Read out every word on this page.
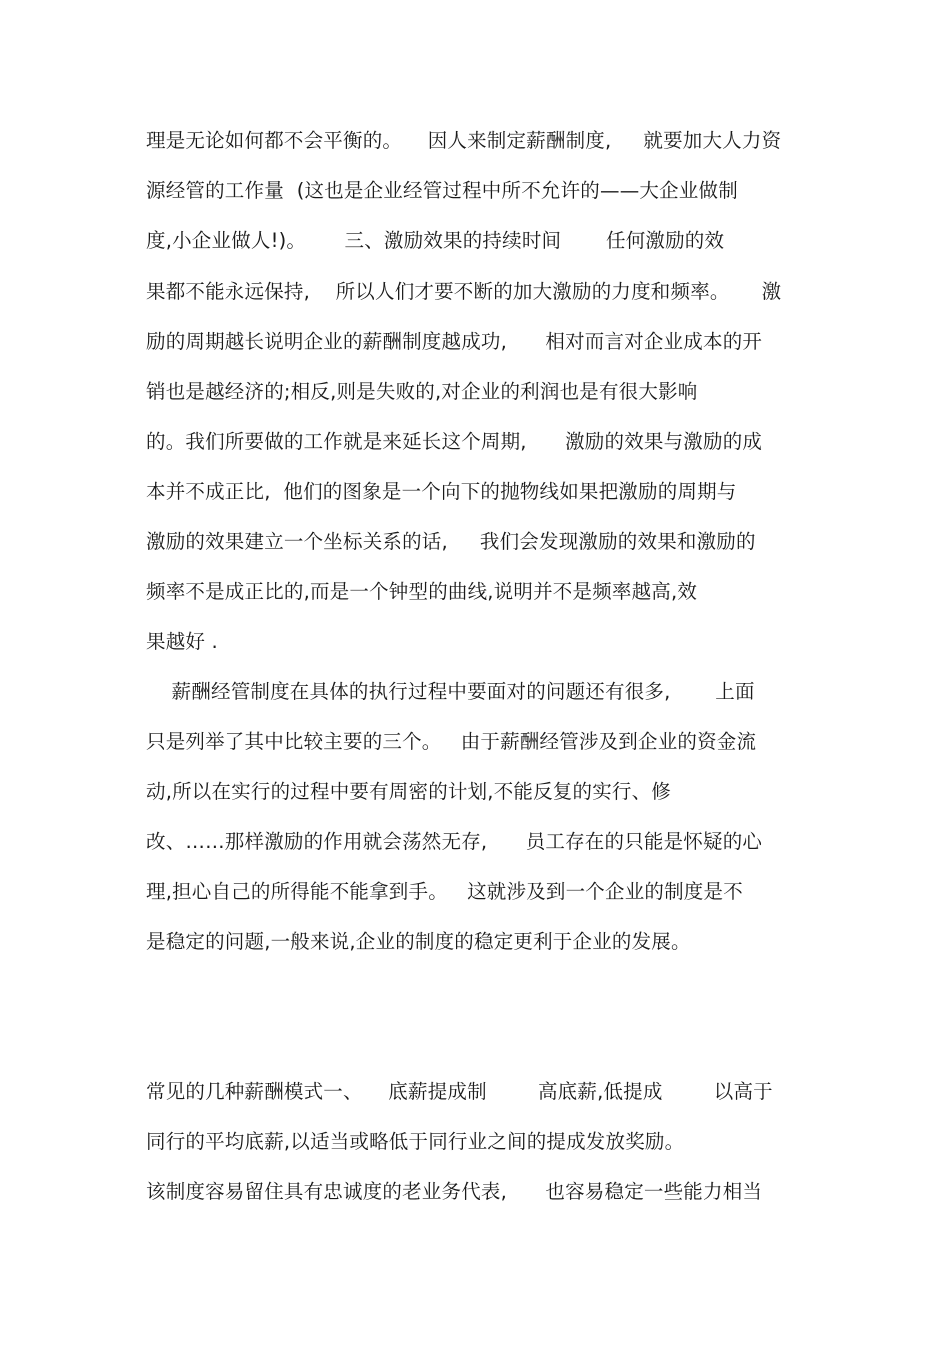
理是无论如何都不会平衡的。    因人来制定薪酬制度,     就要加大人力资
源经管的工作量  (这也是企业经管过程中所不允许的——大企业做制
度,小企业做人!)。      三、激励效果的持续时间       任何激励的效
果都不能永远保持,    所以人们才要不断的加大激励的力度和频率。     激
励的周期越长说明企业的薪酬制度越成功,      相对而言对企业成本的开
销也是越经济的;相反,则是失败的,对企业的利润也是有很大影响
的。我们所要做的工作就是来延长这个周期,      激励的效果与激励的成
本并不成正比,  他们的图象是一个向下的抛物线如果把激励的周期与
激励的效果建立一个坐标关系的话,     我们会发现激励的效果和激励的
频率不是成正比的,而是一个钟型的曲线,说明并不是频率越高,效
果越好 .
薪酬经管制度在具体的执行过程中要面对的问题还有很多,       上面
只是列举了其中比较主要的三个。   由于薪酬经管涉及到企业的资金流
动,所以在实行的过程中要有周密的计划,不能反复的实行、修
改、……那样激励的作用就会荡然无存,      员工存在的只能是怀疑的心
理,担心自己的所得能不能拿到手。   这就涉及到一个企业的制度是不
是稳定的问题,一般来说,企业的制度的稳定更利于企业的发展。
常见的几种薪酬模式一、    底薪提成制        高底薪,低提成        以高于
同行的平均底薪,以适当或略低于同行业之间的提成发放奖励。
该制度容易留住具有忠诚度的老业务代表,      也容易稳定一些能力相当
